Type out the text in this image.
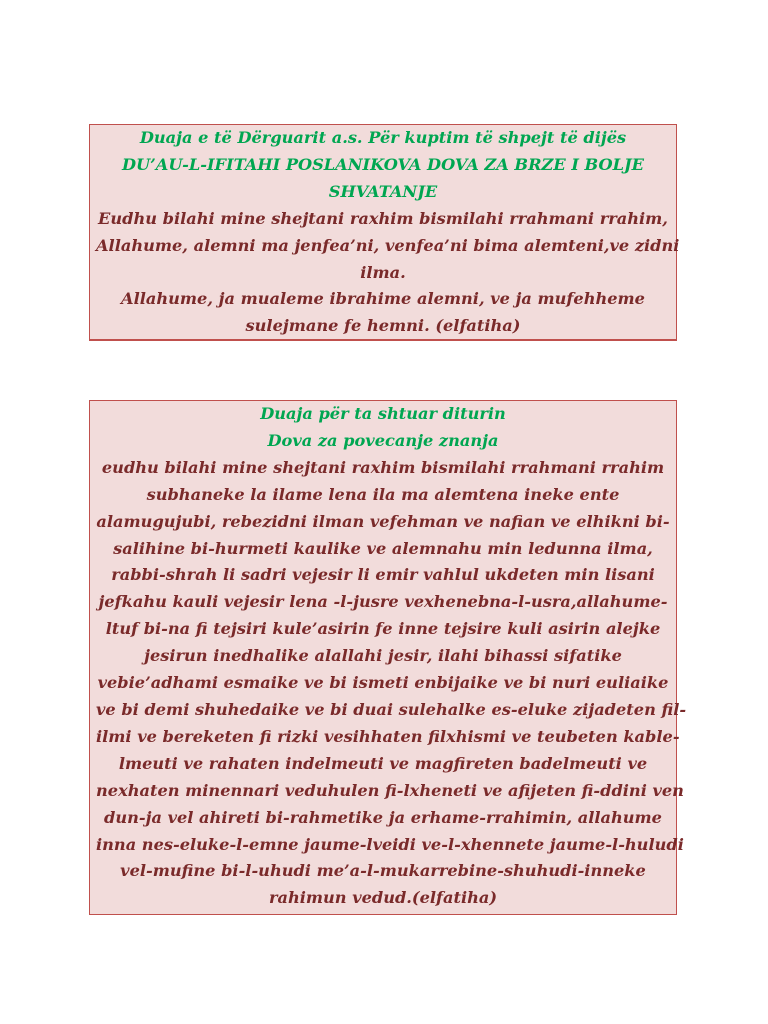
Duaja e të Dërguarit a.s. Për kuptim të shpejt të dijës
DU’AU-L-IFITAHI POSLANIKOVA DOVA ZA BRZE I BOLJE
SHVATANJE
Eudhu bilahi mine shejtani raxhim bismilahi rrahmani rrahim,
Allahume, alemni ma jenfea’ni, venfea’ni bima alemteni,ve zidni
ilma.
Allahume, ja mualeme ibrahime alemni, ve ja mufehheme
sulejmane fe hemni. (elfatiha)
Duaja për ta shtuar diturin
Dova za povecanje znanja
eudhu bilahi mine shejtani raxhim bismilahi rrahmani rrahim
subhaneke la ilame lena ila ma alemtena ineke ente
alamugujubi, rebezidni ilman vefehman ve nafian ve elhikni bi-
salihine bi-hurmeti kaulike ve alemnahu min ledunna ilma,
rabbi-shrah li sadri vejesir li emir vahlul ukdeten min lisani
jefkahu kauli vejesir lena -l-jusre vexhenebna-l-usra,allahume-
ltuf bi-na fi tejsiri kule’asirin fe inne tejsire kuli asirin alejke
jesirun inedhalike alallahi jesir, ilahi bihassi sifatike
vebie’adhami esmaike ve bi ismeti enbijaike ve bi nuri euliaike
ve bi demi shuhedaike ve bi duai sulehalke es-eluke zijadeten fil-
ilmi ve bereketen fi rizki vesihhaten filxhismi ve teubeten kable-
lmeuti ve rahaten indelmeuti ve magfireten badelmeuti ve
nexhaten minennari veduhulen fi-lxheneti ve afijeten fi-ddini ven
dun-ja vel ahireti bi-rahmetike ja erhame-rrahimin, allahume
inna nes-eluke-l-emne jaume-lveidi ve-l-xhennete jaume-l-huludi
vel-mufine bi-l-uhudi me’a-l-mukarrebine-shuhudi-inneke
rahimun vedud.(elfatiha)
